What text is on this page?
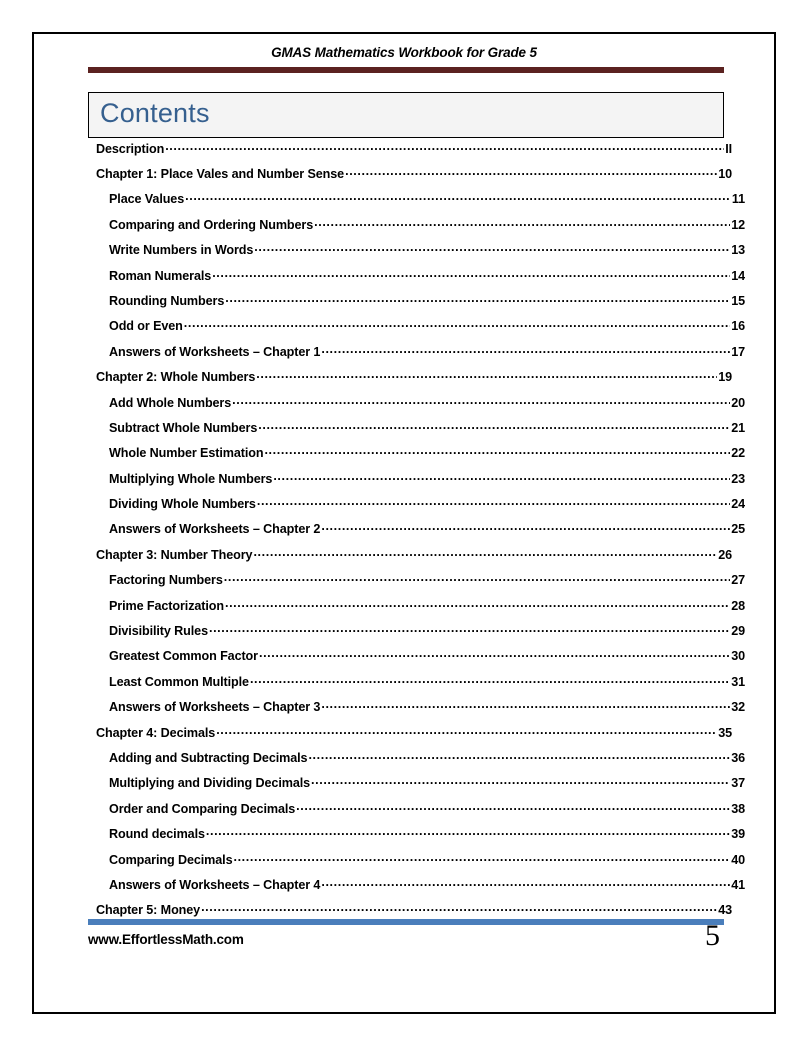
GMAS Mathematics Workbook for Grade 5
Contents
Description .....	II
Chapter 1: Place Vales and Number Sense .....	10
Place Values .....	11
Comparing and Ordering Numbers .....	12
Write Numbers in Words .....	13
Roman Numerals .....	14
Rounding Numbers .....	15
Odd or Even .....	16
Answers of Worksheets – Chapter 1 .....	17
Chapter 2: Whole Numbers .....	19
Add Whole Numbers .....	20
Subtract Whole Numbers .....	21
Whole Number Estimation .....	22
Multiplying Whole Numbers .....	23
Dividing Whole Numbers .....	24
Answers of Worksheets – Chapter 2 .....	25
Chapter 3: Number Theory .....	26
Factoring Numbers .....	27
Prime Factorization .....	28
Divisibility Rules .....	29
Greatest Common Factor .....	30
Least Common Multiple .....	31
Answers of Worksheets – Chapter 3 .....	32
Chapter 4: Decimals .....	35
Adding and Subtracting Decimals .....	36
Multiplying and Dividing Decimals .....	37
Order and Comparing Decimals .....	38
Round decimals .....	39
Comparing Decimals .....	40
Answers of Worksheets – Chapter 4 .....	41
Chapter 5: Money .....	43
www.EffortlessMath.com	5
